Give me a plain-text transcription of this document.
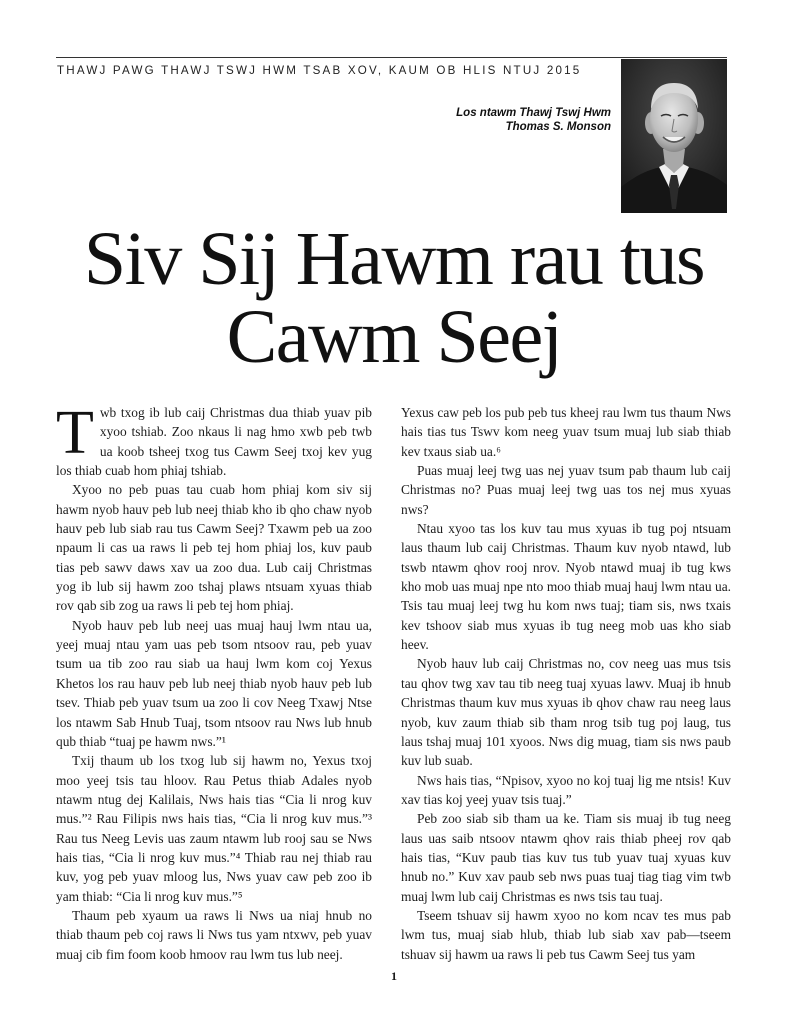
THAWJ PAWG THAWJ TSWJ HWM TSAB XOV, KAUM OB HLIS NTUJ 2015
Los ntawm Thawj Tswj Hwm
Thomas S. Monson
Siv Sij Hawm rau tus Cawm Seej

Twb txog ib lub caij Christmas dua thiab yuav pib xyoo tshiab. Zoo nkaus li nag hmo xwb peb twb ua koob tsheej txog tus Cawm Seej txoj kev yug los thiab cuab hom phiaj tshiab.

Xyoo no peb puas tau cuab hom phiaj kom siv sij hawm nyob hauv peb lub neej thiab kho ib qho chaw nyob hauv peb lub siab rau tus Cawm Seej? Txawm peb ua zoo npaum li cas ua raws li peb tej hom phiaj los, kuv paub tias peb sawv daws xav ua zoo dua. Lub caij Christmas yog ib lub sij hawm zoo tshaj plaws ntsuam xyuas thiab rov qab sib zog ua raws li peb tej hom phiaj.

Nyob hauv peb lub neej uas muaj hauj lwm ntau ua, yeej muaj ntau yam uas peb tsom ntsoov rau, peb yuav tsum ua tib zoo rau siab ua hauj lwm kom coj Yexus Khetos los rau hauv peb lub neej thiab nyob hauv peb lub tsev. Thiab peb yuav tsum ua zoo li cov Neeg Txawj Ntse los ntawm Sab Hnub Tuaj, tsom ntsoov rau Nws lub hnub qub thiab “tuaj pe hawm nws.”¹

Txij thaum ub los txog lub sij hawm no, Yexus txoj moo yeej tsis tau hloov. Rau Petus thiab Adales nyob ntawm ntug dej Kalilais, Nws hais tias “Cia li nrog kuv mus.”² Rau Filipis nws hais tias, “Cia li nrog kuv mus.”³ Rau tus Neeg Levis uas zaum ntawm lub rooj sau se Nws hais tias, “Cia li nrog kuv mus.”⁴ Thiab rau nej thiab rau kuv, yog peb yuav mloog lus, Nws yuav caw peb zoo ib yam thiab: “Cia li nrog kuv mus.”⁵

Thaum peb xyaum ua raws li Nws ua niaj hnub no thiab thaum peb coj raws li Nws tus yam ntxwv, peb yuav muaj cib fim foom koob hmoov rau lwm tus lub neej.

Yexus caw peb los pub peb tus kheej rau lwm tus thaum Nws hais tias tus Tswv kom neeg yuav tsum muaj lub siab thiab kev txaus siab ua.⁶

Puas muaj leej twg uas nej yuav tsum pab thaum lub caij Christmas no? Puas muaj leej twg uas tos nej mus xyuas nws?

Ntau xyoo tas los kuv tau mus xyuas ib tug poj ntsuam laus thaum lub caij Christmas. Thaum kuv nyob ntawd, lub tswb ntawm qhov rooj nrov. Nyob ntawd muaj ib tug kws kho mob uas muaj npe nto moo thiab muaj hauj lwm ntau ua. Tsis tau muaj leej twg hu kom nws tuaj; tiam sis, nws txais kev tshoov siab mus xyuas ib tug neeg mob uas kho siab heev.

Nyob hauv lub caij Christmas no, cov neeg uas mus tsis tau qhov twg xav tau tib neeg tuaj xyuas lawv. Muaj ib hnub Christmas thaum kuv mus xyuas ib qhov chaw rau neeg laus nyob, kuv zaum thiab sib tham nrog tsib tug poj laug, tus laus tshaj muaj 101 xyoos. Nws dig muag, tiam sis nws paub kuv lub suab.

Nws hais tias, “Npisov, xyoo no koj tuaj lig me ntsis! Kuv xav tias koj yeej yuav tsis tuaj.”

Peb zoo siab sib tham ua ke. Tiam sis muaj ib tug neeg laus uas saib ntsoov ntawm qhov rais thiab pheej rov qab hais tias, “Kuv paub tias kuv tus tub yuav tuaj xyuas kuv hnub no.” Kuv xav paub seb nws puas tuaj tiag tiag vim twb muaj lwm lub caij Christmas es nws tsis tau tuaj.

Tseem tshuav sij hawm xyoo no kom ncav tes mus pab lwm tus, muaj siab hlub, thiab lub siab xav pab—tseem tshuav sij hawm ua raws li peb tus Cawm Seej tus yam

1
